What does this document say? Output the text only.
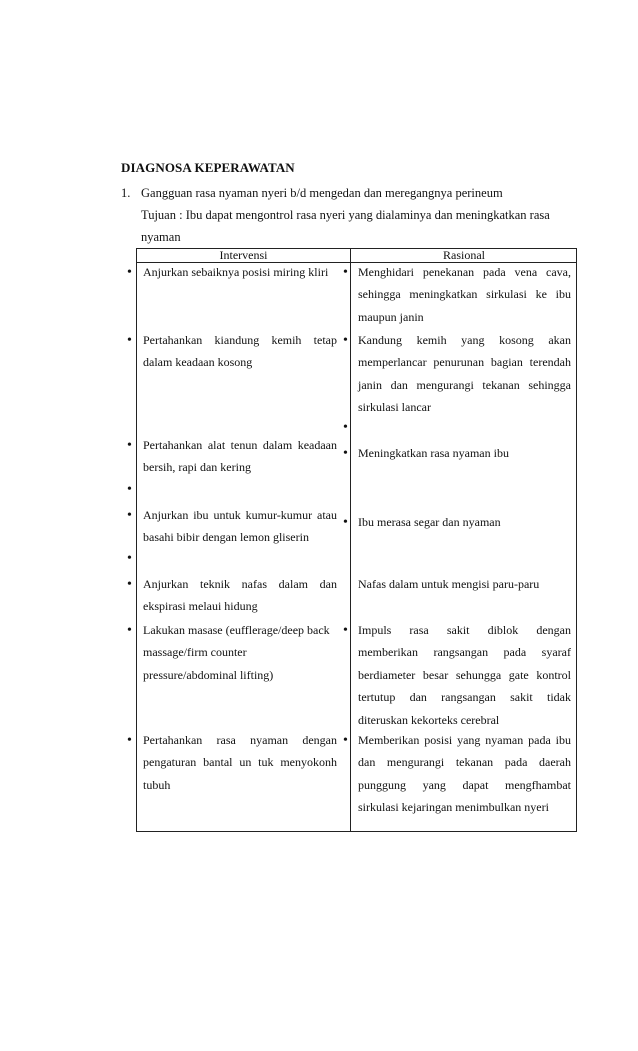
DIAGNOSA KEPERAWATAN
1. Gangguan rasa nyaman nyeri b/d mengedan dan meregangnya perineum
Tujuan : Ibu dapat mengontrol rasa nyeri yang dialaminya dan meningkatkan rasa
nyaman
Intervensi	Rasional
• Anjurkan sebaiknya posisi miring kliri	• Menghidari penekanan pada vena cava, sehingga meningkatkan sirkulasi ke ibu maupun janin
• Pertahankan kiandung kemih tetap dalam keadaan kosong
• Kandung kemih yang kosong akan memperlancar penurunan bagian terendah janin dan mengurangi tekanan sehingga sirkulasi lancar
•
• Pertahankan alat tenun dalam keadaan bersih, rapi dan kering
• Meningkatkan rasa nyaman ibu
•
• Anjurkan ibu untuk kumur-kumur atau basahi bibir dengan lemon gliserin
• Ibu merasa segar dan nyaman
•
• Anjurkan teknik nafas dalam dan ekspirasi melaui hidung
Nafas dalam untuk mengisi paru-paru
• Lakukan masase (eufflerage/deep back massage/firm counter pressure/abdominal lifting)
• Impuls rasa sakit diblok dengan memberikan rangsangan pada syaraf berdiameter besar sehungga gate kontrol tertutup dan rangsangan sakit tidak diteruskan kekorteks cerebral
• Pertahankan rasa nyaman dengan pengaturan bantal un tuk menyokonh tubuh
• Memberikan posisi yang nyaman pada ibu dan mengurangi tekanan pada daerah punggung yang dapat mengfhambat sirkulasi kejaringan menimbulkan nyeri
